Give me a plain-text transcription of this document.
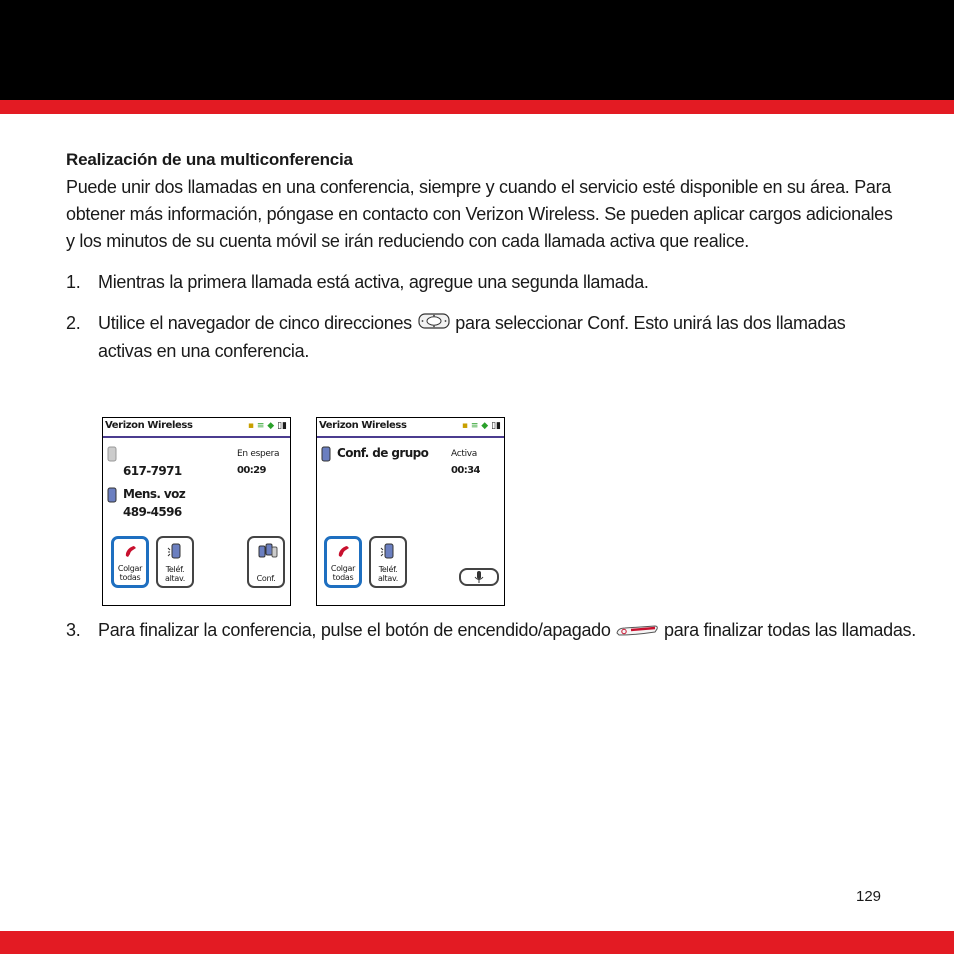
Realización de una multiconferencia

Puede unir dos llamadas en una conferencia, siempre y cuando el servicio esté disponible en su área. Para obtener más información, póngase en contacto con Verizon Wireless. Se pueden aplicar cargos adicionales y los minutos de su cuenta móvil se irán reduciendo con cada llamada activa que realice.

1. Mientras la primera llamada está activa, agregue una segunda llamada.
2. Utilice el navegador de cinco direcciones para seleccionar Conf. Esto unirá las dos llamadas activas en una conferencia.
Verizon Wireless	▪ ≡ ◆ ▯▮
617-7971
En espera
00:29
Mens. voz
489-4596
Colgar todas
Teléf. altav.	Conf.
Verizon Wireless	▪ ≡ ◆ ▯▮
Conf. de grupo	Activa
00:34
Colgar todas
Teléf. altav.
3. Para finalizar la conferencia, pulse el botón de encendido/apagado	para finalizar todas las llamadas.
129
